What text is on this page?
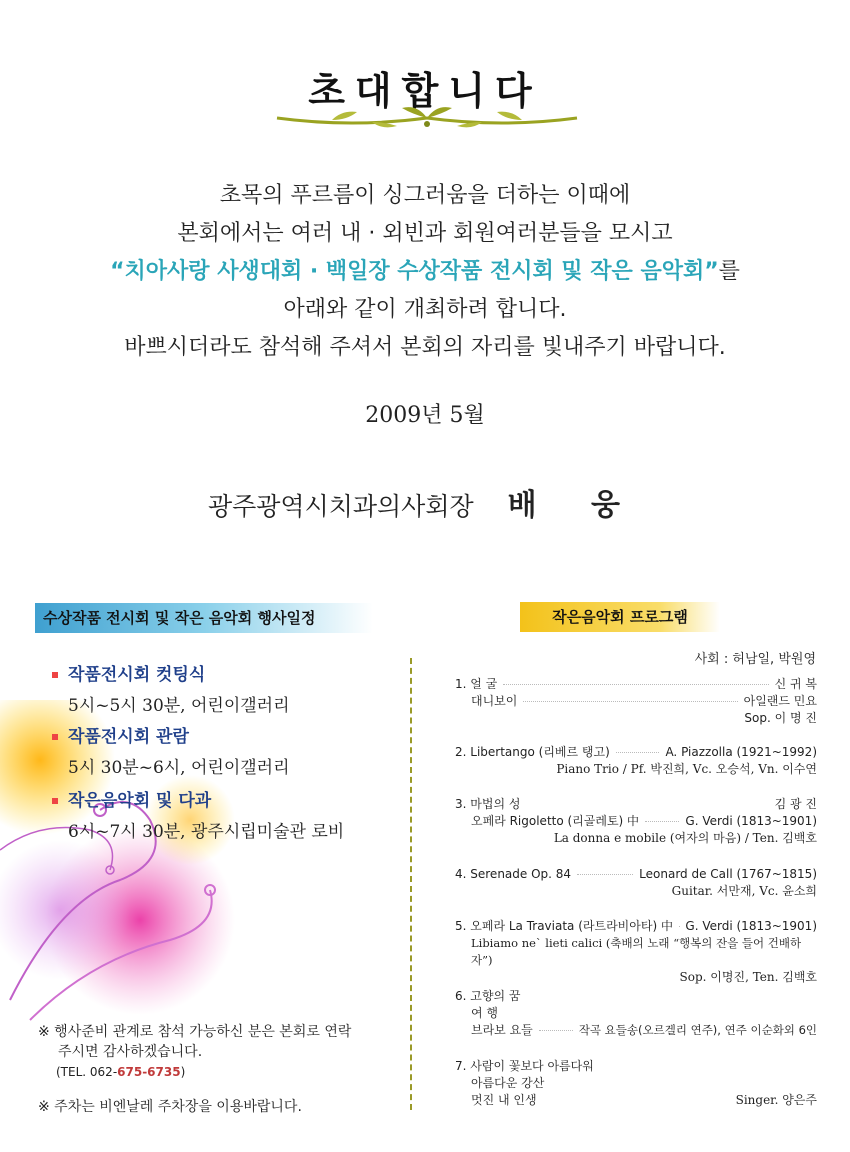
초대합니다
초목의 푸르름이 싱그러움을 더하는 이때에
본회에서는 여러 내 · 외빈과 회원여러분들을 모시고
“치아사랑 사생대회 · 백일장 수상작품 전시회 및 작은 음악회”를
아래와 같이 개최하려 합니다.
바쁘시더라도 참석해 주셔서 본회의 자리를 빛내주기 바랍니다.
2009년 5월
광주광역시치과의사회장 배 웅
수상작품 전시회 및 작은 음악회 행사일정
작품전시회 컷팅식
5시~5시 30분, 어린이갤러리
작품전시회 관람
5시 30분~6시, 어린이갤러리
작은음악회 및 다과
6시~7시 30분, 광주시립미술관 로비
※ 행사준비 관계로 참석 가능하신 분은 본회로 연락
주시면 감사하겠습니다.
(TEL. 062-675-6735)
※ 주차는 비엔날레 주차장을 이용바랍니다.
작은음악회 프로그램
사회 : 허남일, 박원영
1. 얼 굴	신 귀 복
대니보이	아일랜드 민요
Sop. 이 명 진
2. Libertango (리베르 탱고)	A. Piazzolla (1921~1992)
Piano Trio / Pf. 박진희, Vc. 오승석, Vn. 이수연
3. 마법의 성	김 광 진
오페라 Rigoletto (리골레토) 中	G. Verdi (1813~1901)
La donna e mobile (여자의 마음) / Ten. 김백호
4. Serenade Op. 84	Leonard de Call (1767~1815)
Guitar. 서만재, Vc. 윤소희
5. 오페라 La Traviata (라트라비아타) 中 G. Verdi (1813~1901)
Libiamo ne` lieti calici (축배의 노래 “행복의 잔을 들어 건배하자”)
Sop. 이명진, Ten. 김백호
6. 고향의 꿈
여 행
브라보 요들	작곡 요들송(오르겔리 연주), 연주 이순화외 6인
7. 사람이 꽃보다 아름다워
아름다운 강산
멋진 내 인생	Singer. 양은주
